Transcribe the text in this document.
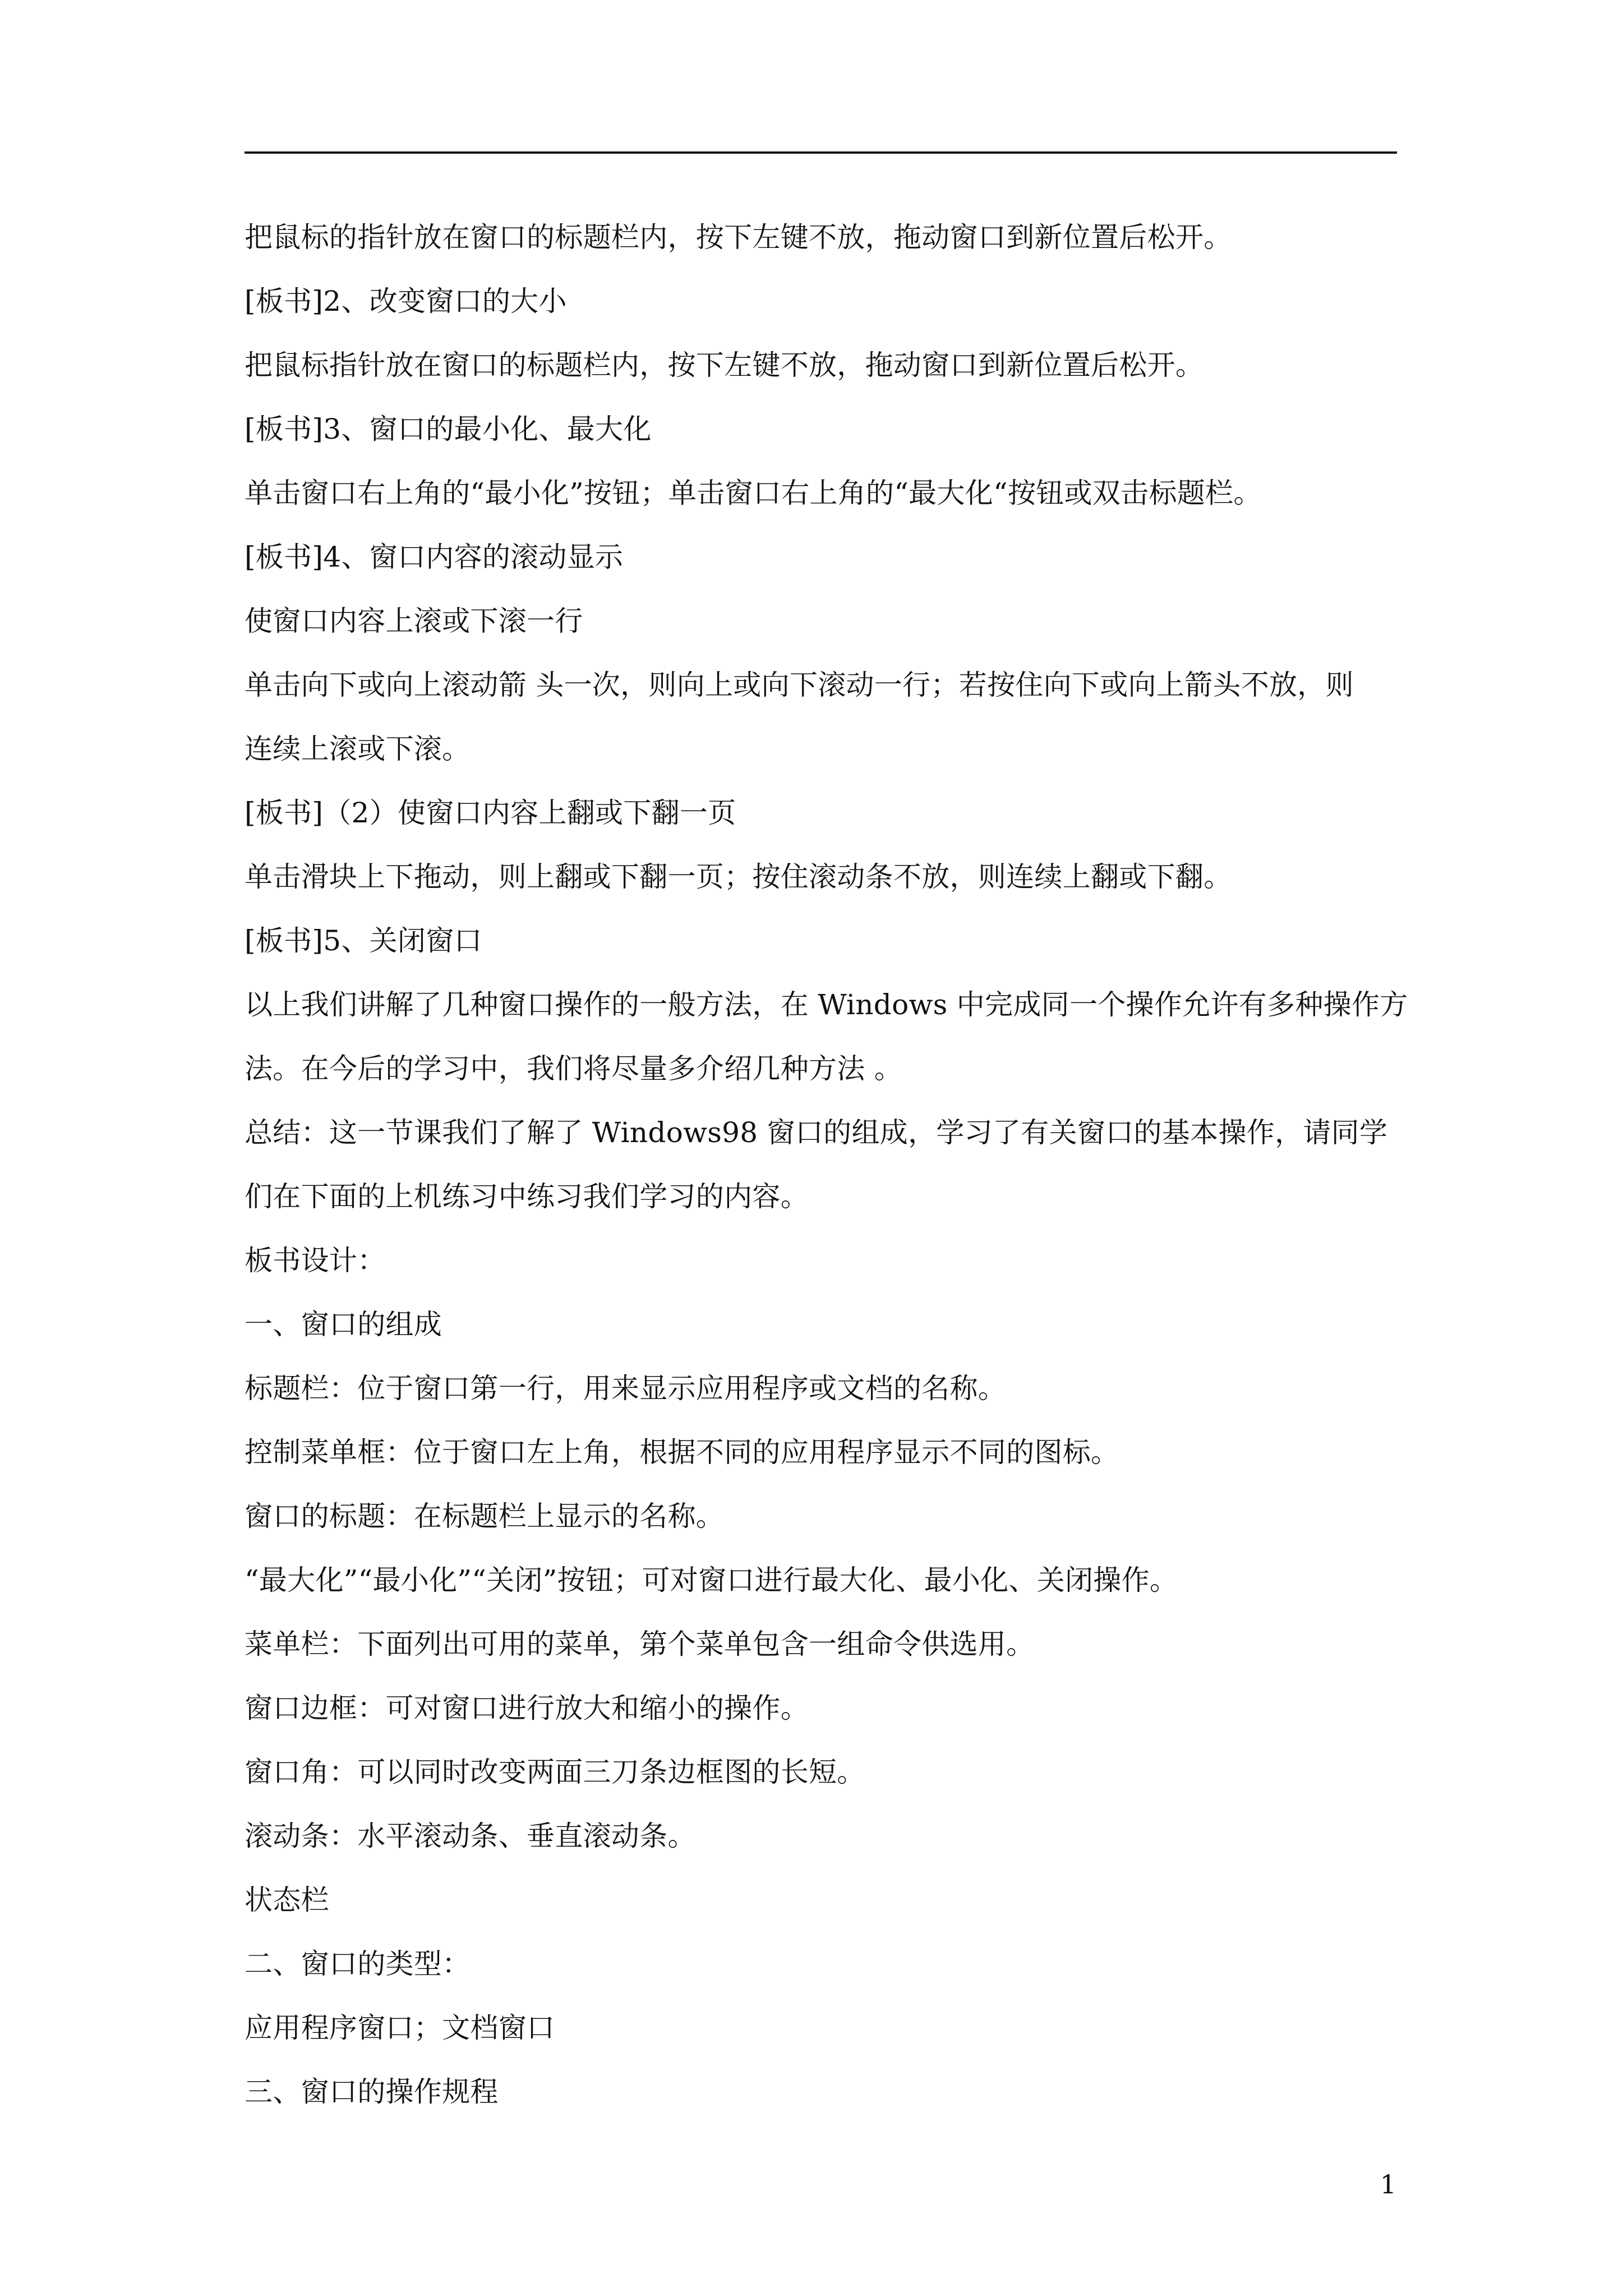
把鼠标的指针放在窗口的标题栏内，按下左键不放，拖动窗口到新位置后松开。
[板书]2、改变窗口的大小
把鼠标指针放在窗口的标题栏内，按下左键不放，拖动窗口到新位置后松开。
[板书]3、窗口的最小化、最大化
单击窗口右上角的“最小化”按钮；单击窗口右上角的“最大化“按钮或双击标题栏。
[板书]4、窗口内容的滚动显示
使窗口内容上滚或下滚一行
单击向下或向上滚动箭 头一次，则向上或向下滚动一行；若按住向下或向上箭头不放，则
连续上滚或下滚。
[板书]（2）使窗口内容上翻或下翻一页
单击滑块上下拖动，则上翻或下翻一页；按住滚动条不放，则连续上翻或下翻。
[板书]5、关闭窗口
以上我们讲解了几种窗口操作的一般方法，在 Windows 中完成同一个操作允许有多种操作方
法。在今后的学习中，我们将尽量多介绍几种方法 。
总结：这一节课我们了解了 Windows98 窗口的组成，学习了有关窗口的基本操作，请同学
们在下面的上机练习中练习我们学习的内容。
板书设计：
一、窗口的组成
标题栏：位于窗口第一行，用来显示应用程序或文档的名称。
控制菜单框：位于窗口左上角，根据不同的应用程序显示不同的图标。
窗口的标题：在标题栏上显示的名称。
“最大化”“最小化”“关闭”按钮；可对窗口进行最大化、最小化、关闭操作。
菜单栏：下面列出可用的菜单，第个菜单包含一组命令供选用。
窗口边框：可对窗口进行放大和缩小的操作。
窗口角：可以同时改变两面三刀条边框图的长短。
滚动条：水平滚动条、垂直滚动条。
状态栏
二、窗口的类型：
应用程序窗口；文档窗口
三、窗口的操作规程
1
